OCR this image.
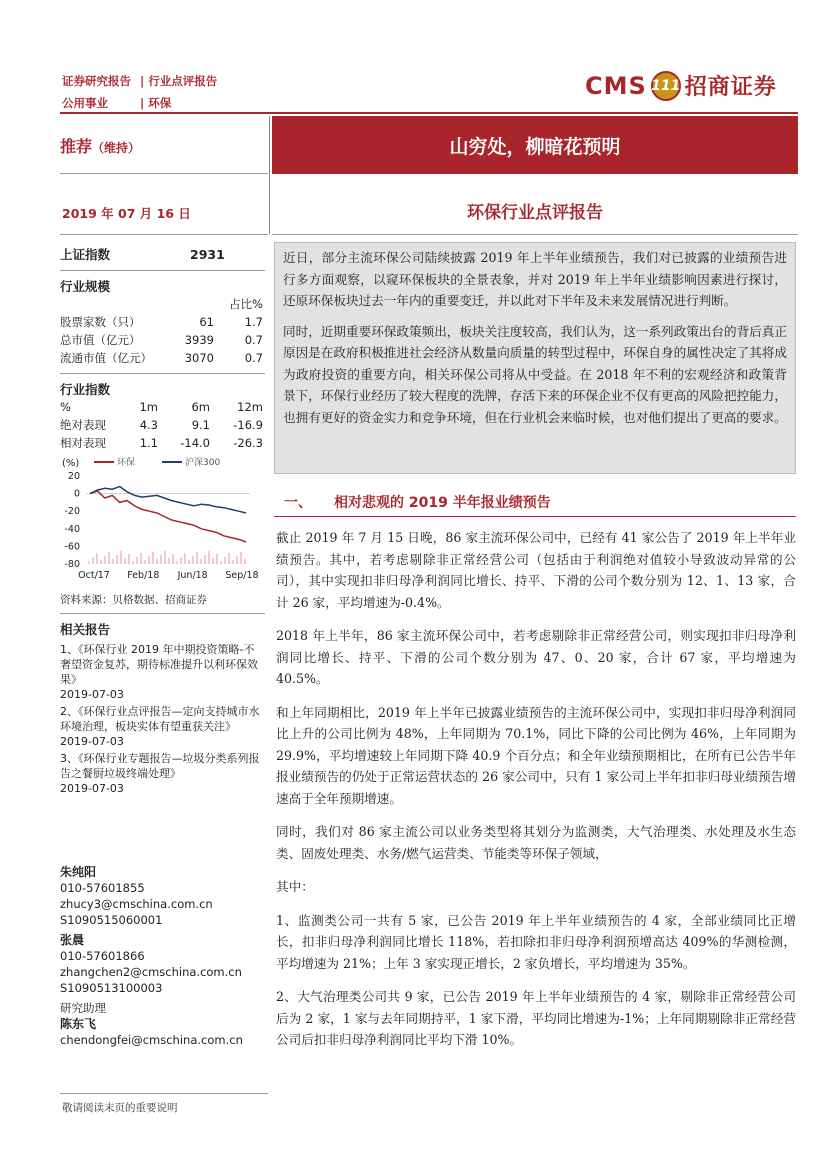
证券研究报告 | 行业点评报告
公用事业	| 环保
CMS 111 招商证券
推荐（维持）	山穷处，柳暗花预明
2019 年 07 月 16 日	环保行业点评报告
上证指数	2931
行业规模
占比%
股票家数（只）	61	1.7
总市值（亿元）	3939	0.7
流通市值（亿元）	3070	0.7
行业指数
%	1m	6m	12m
绝对表现	4.3	9.1	-16.9
相对表现	1.1	-14.0	-26.3
(%)	环保	沪深300
20
0
-20
-40
-60
-80
Oct/17 Feb/18 Jun/18 Sep/18
资料来源：贝格数据、招商证券
相关报告
1、《环保行业 2019 年中期投资策略-不奢望资金复苏，期待标准提升以利环保效果》
2019-07-03
2、《环保行业点评报告—定向支持城市水环境治理，板块实体有望重获关注》
2019-07-03
3、《环保行业专题报告—垃圾分类系列报告之餐厨垃圾终端处理》
2019-07-03
朱纯阳
010-57601855
zhucy3@cmschina.com.cn
S1090515060001
张晨
010-57601866
zhangchen2@cmschina.com.cn
S1090513100003
研究助理
陈东飞
chendongfei@cmschina.com.cn
敬请阅读末页的重要说明

近日，部分主流环保公司陆续披露 2019 年上半年业绩预告，我们对已披露的业绩预告进行多方面观察，以窥环保板块的全景表象，并对 2019 年上半年业绩影响因素进行探讨，还原环保板块过去一年内的重要变迁，并以此对下半年及未来发展情况进行判断。

同时，近期重要环保政策频出，板块关注度较高，我们认为，这一系列政策出台的背后真正原因是在政府积极推进社会经济从数量向质量的转型过程中，环保自身的属性决定了其将成为政府投资的重要方向，相关环保公司将从中受益。在 2018 年不利的宏观经济和政策背景下，环保行业经历了较大程度的洗牌，存活下来的环保企业不仅有更高的风险把控能力，也拥有更好的资金实力和竞争环境，但在行业机会来临时候，也对他们提出了更高的要求。

一、 相对悲观的 2019 半年报业绩预告

截止 2019 年 7 月 15 日晚，86 家主流环保公司中，已经有 41 家公告了 2019 年上半年业绩预告。其中，若考虑剔除非正常经营公司（包括由于利润绝对值较小导致波动异常的公司），其中实现扣非归母净利润同比增长、持平、下滑的公司个数分别为 12、1、13 家，合计 26 家，平均增速为-0.4%。

2018 年上半年，86 家主流环保公司中，若考虑剔除非正常经营公司，则实现扣非归母净利润同比增长、持平、下滑的公司个数分别为 47、0、20 家，合计 67 家，平均增速为 40.5%。

和上年同期相比，2019 年上半年已披露业绩预告的主流环保公司中，实现扣非归母净利润同比上升的公司比例为 48%，上年同期为 70.1%，同比下降的公司比例为 46%，上年同期为 29.9%，平均增速较上年同期下降 40.9 个百分点；和全年业绩预期相比，在所有已公告半年报业绩预告的仍处于正常运营状态的 26 家公司中，只有 1 家公司上半年扣非归母业绩预告增速高于全年预期增速。

同时，我们对 86 家主流公司以业务类型将其划分为监测类，大气治理类、水处理及水生态类、固废处理类、水务/燃气运营类、节能类等环保子领域，

其中：

1、监测类公司一共有 5 家，已公告 2019 年上半年业绩预告的 4 家，全部业绩同比正增长，扣非归母净利润同比增长 118%，若扣除扣非归母净利润预增高达 409%的华测检测，平均增速为 21%；上年 3 家实现正增长，2 家负增长，平均增速为 35%。

2、大气治理类公司共 9 家，已公告 2019 年上半年业绩预告的 4 家，剔除非正常经营公司后为 2 家，1 家与去年同期持平，1 家下滑，平均同比增速为-1%；上年同期剔除非正常经营公司后扣非归母净利润同比平均下滑 10%。
